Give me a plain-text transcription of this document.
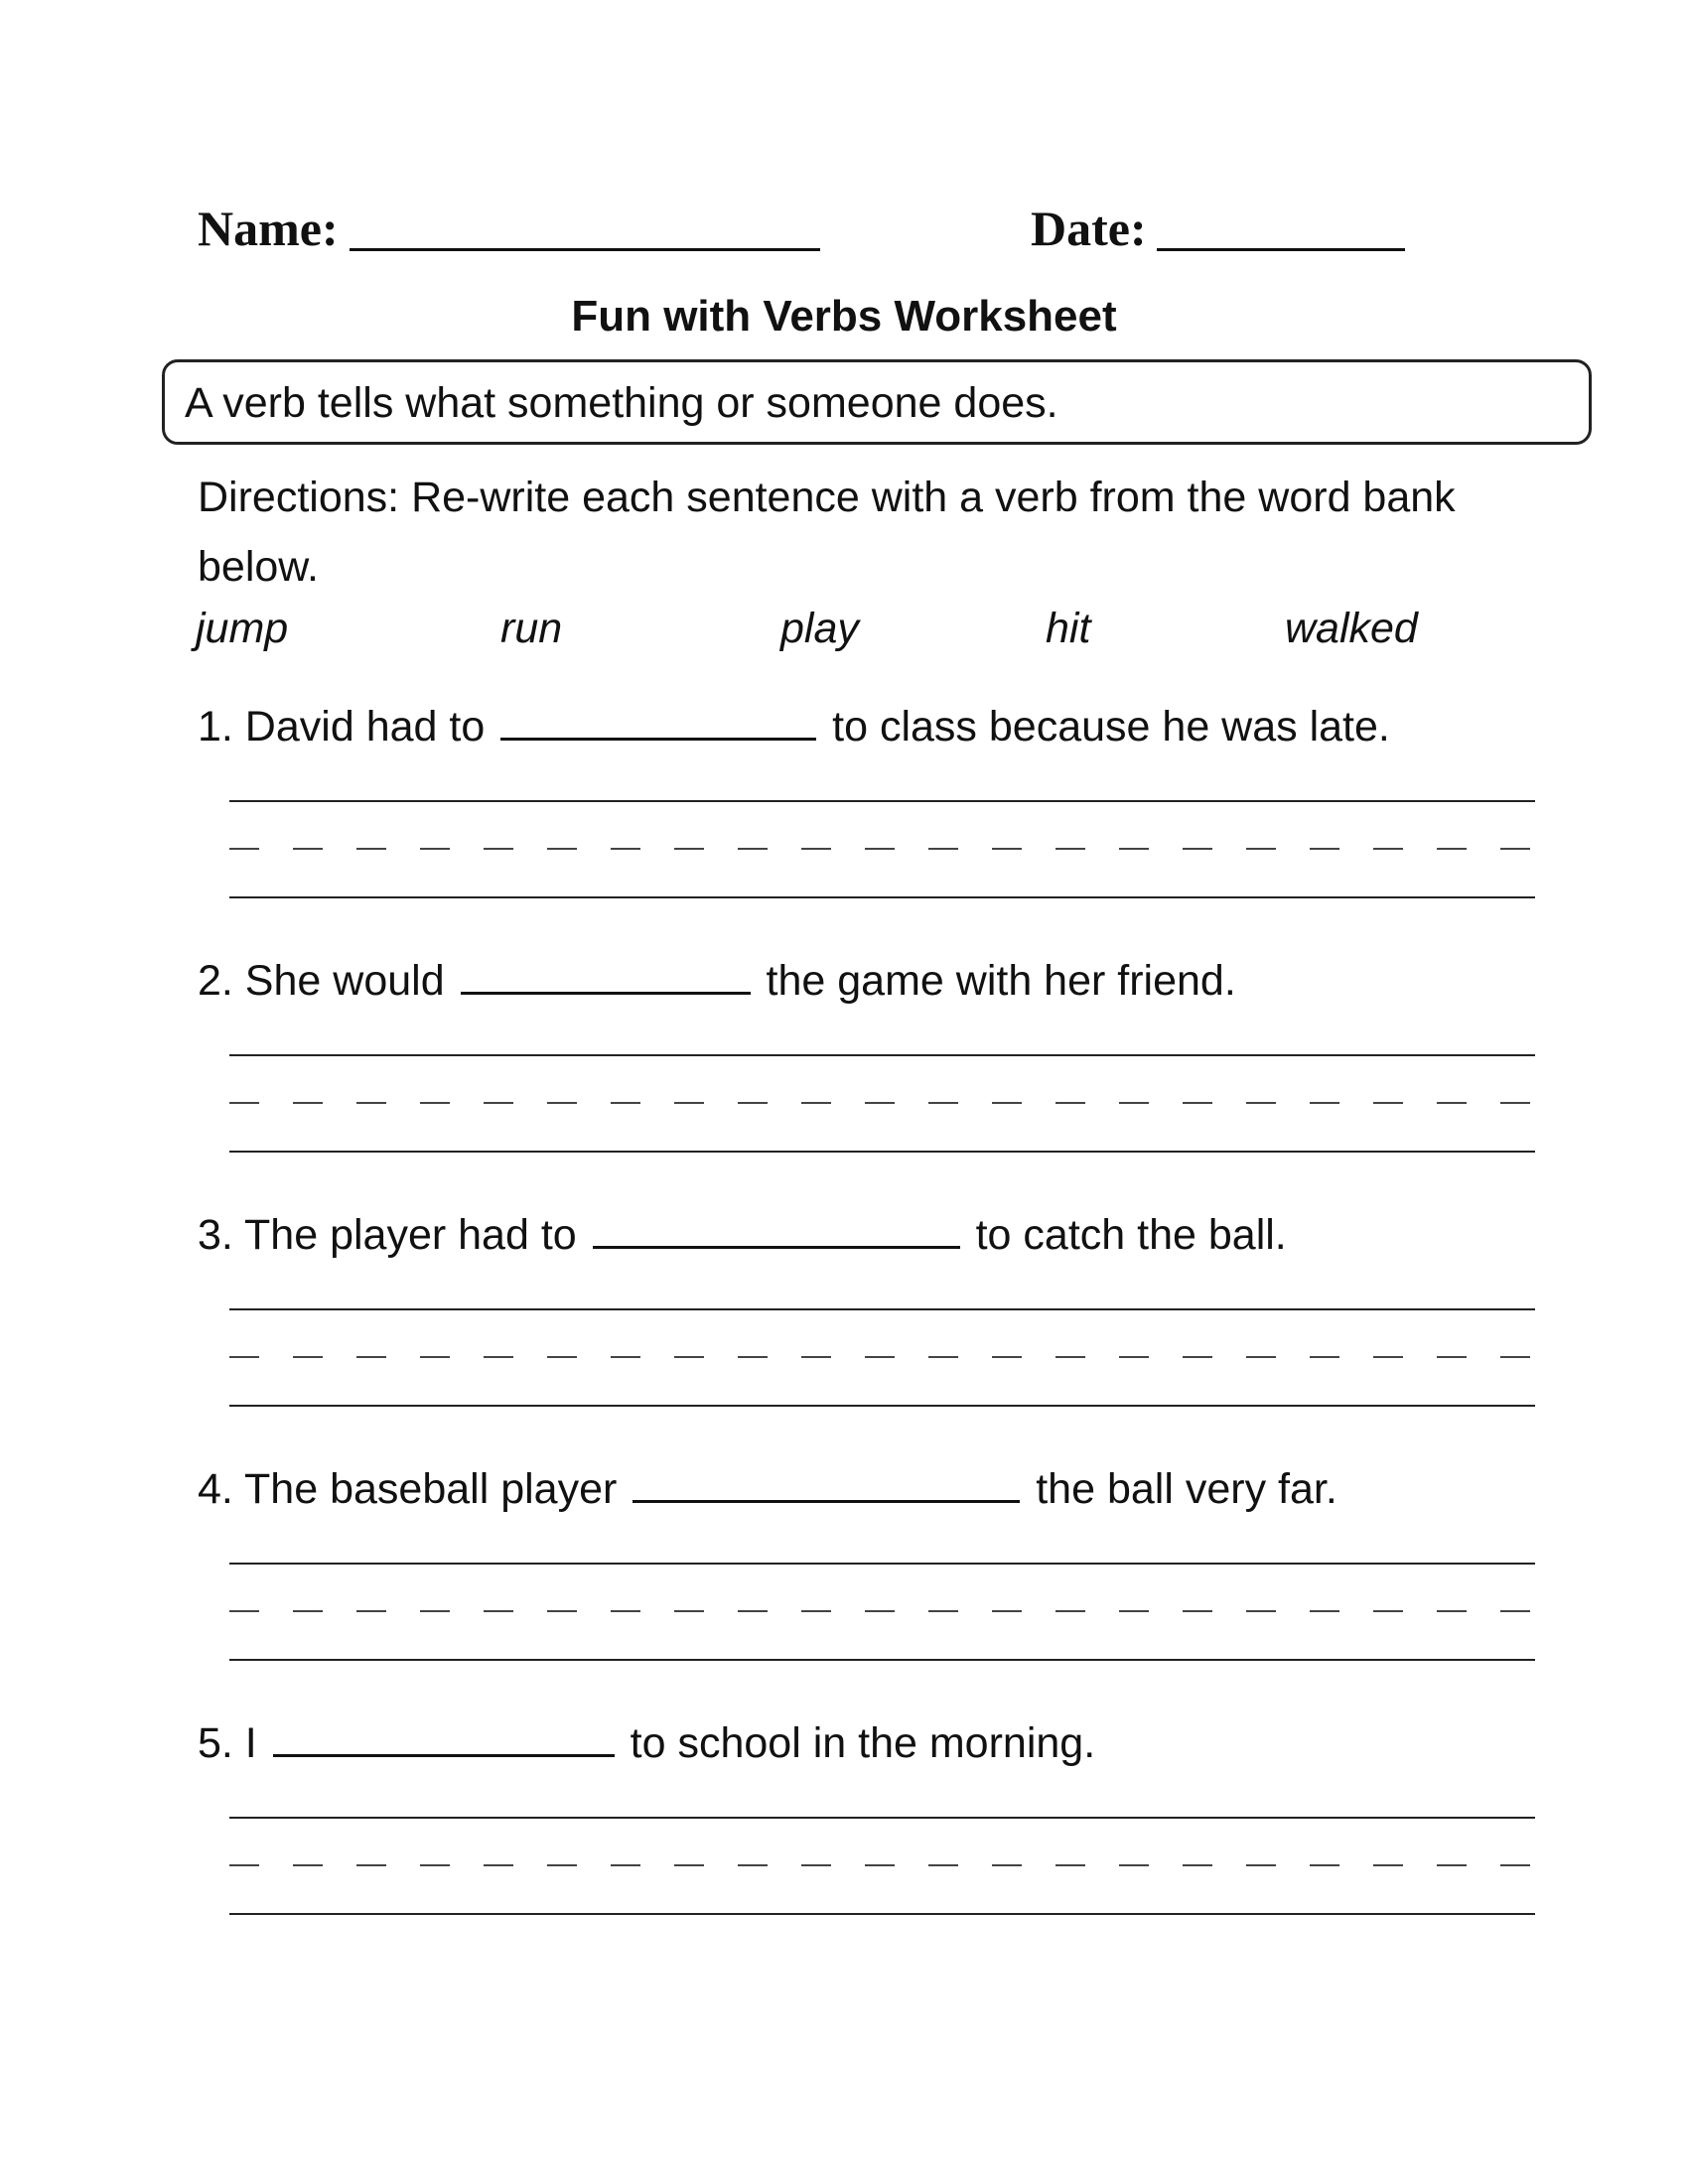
Name:	Date:
Fun with Verbs Worksheet
A verb tells what something or someone does.
Directions: Re-write each sentence with a verb from the word bank below.
jump	run	play	hit	walked
1. David had to	to class because he was late.
2. She would	the game with her friend.
3. The player had to	to catch the ball.
4. The baseball player	the ball very far.
5. I	to school in the morning.
